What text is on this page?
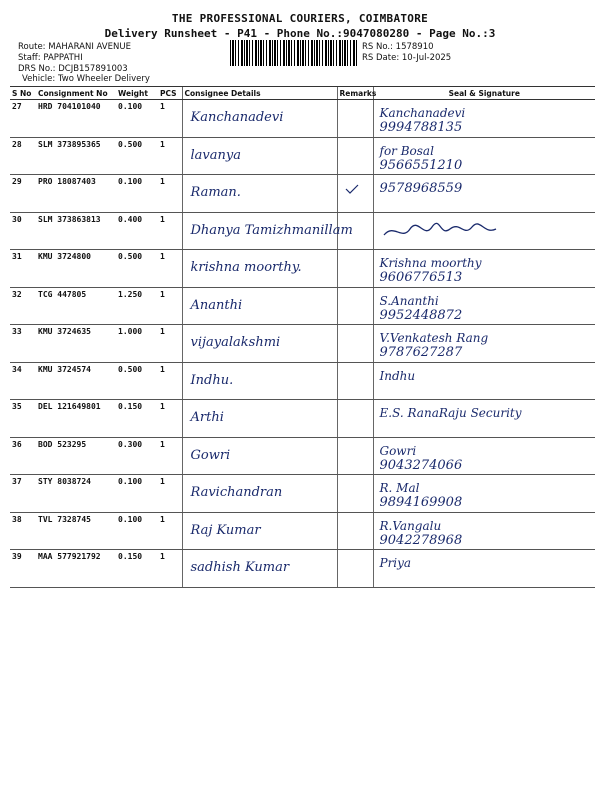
THE PROFESSIONAL COURIERS, COIMBATORE
Delivery Runsheet - P41 - Phone No.:9047080280 - Page No.:3
Route: MAHARANI AVENUE
Staff: PAPPATHI
DRS No.: DCJB157891003
Vehicle: Two Wheeler Delivery
RS No.: 1578910
RS Date: 10-Jul-2025
S No	Consignment No	Weight	PCS	Consignee Details	Remarks	Seal & Signature
27	HRD 704101040	0.100	1	Kanchanadevi		Kanchanadevi
9994788135

28	SLM 373895365	0.500	1	lavanya		for Bosal
9566551210

29	PRO 18087403	0.100	1	Raman.		9578968559

30	SLM 373863813	0.400	1	Dhanya Tamizhmanillam

31	KMU 3724800	0.500	1	krishna moorthy.		Krishna moorthy
9606776513

32	TCG 447805	1.250	1	Ananthi		S.Ananthi
9952448872

33	KMU 3724635	1.000	1	vijayalakshmi		V.Venkatesh Rang
9787627287

34	KMU 3724574	0.500	1	Indhu.		Indhu

35	DEL 121649801	0.150	1	Arthi		E.S. RanaRaju Security

36	BOD 523295	0.300	1	Gowri		Gowri
9043274066

37	STY 8038724	0.100	1	Ravichandran		R. Mal
9894169908

38	TVL 7328745	0.100	1	Raj Kumar		R.Vangalu
9042278968

39	MAA 577921792	0.150	1	sadhish Kumar		Priya
